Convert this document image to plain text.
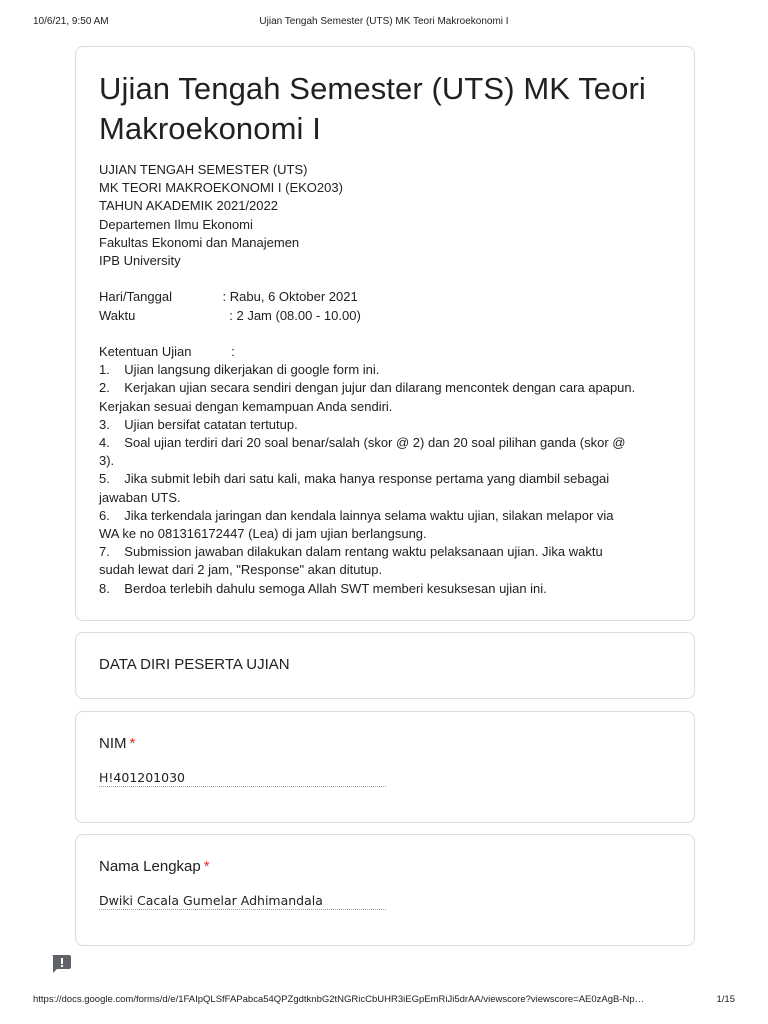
10/6/21, 9:50 AM	Ujian Tengah Semester (UTS) MK Teori Makroekonomi I
Ujian Tengah Semester (UTS) MK Teori Makroekonomi I
UJIAN TENGAH SEMESTER (UTS)
MK TEORI MAKROEKONOMI I (EKO203)
TAHUN AKADEMIK 2021/2022
Departemen Ilmu Ekonomi
Fakultas Ekonomi dan Manajemen
IPB University
Hari/Tanggal              : Rabu, 6 Oktober 2021
Waktu                          : 2 Jam (08.00 - 10.00)
Ketentuan Ujian           :
1.    Ujian langsung dikerjakan di google form ini.
2.    Kerjakan ujian secara sendiri dengan jujur dan dilarang mencontek dengan cara apapun.
Kerjakan sesuai dengan kemampuan Anda sendiri.
3.    Ujian bersifat catatan tertutup.
4.    Soal ujian terdiri dari 20 soal benar/salah (skor @ 2) dan 20 soal pilihan ganda (skor @
3).
5.    Jika submit lebih dari satu kali, maka hanya response pertama yang diambil sebagai
jawaban UTS.
6.    Jika terkendala jaringan dan kendala lainnya selama waktu ujian, silakan melapor via
WA ke no 081316172447 (Lea) di jam ujian berlangsung.
7.    Submission jawaban dilakukan dalam rentang waktu pelaksanaan ujian. Jika waktu
sudah lewat dari 2 jam, "Response" akan ditutup.
8.    Berdoa terlebih dahulu semoga Allah SWT memberi kesuksesan ujian ini.
DATA DIRI PESERTA UJIAN
NIM *
H!401201030
Nama Lengkap *
Dwiki Cacala Gumelar Adhimandala
https://docs.google.com/forms/d/e/1FAIpQLSfFAPabca54QPZgdtknbG2tNGRicCbUHR3iEGpEmRiJi5drAA/viewscore?viewscore=AE0zAgB-Np…	1/15
